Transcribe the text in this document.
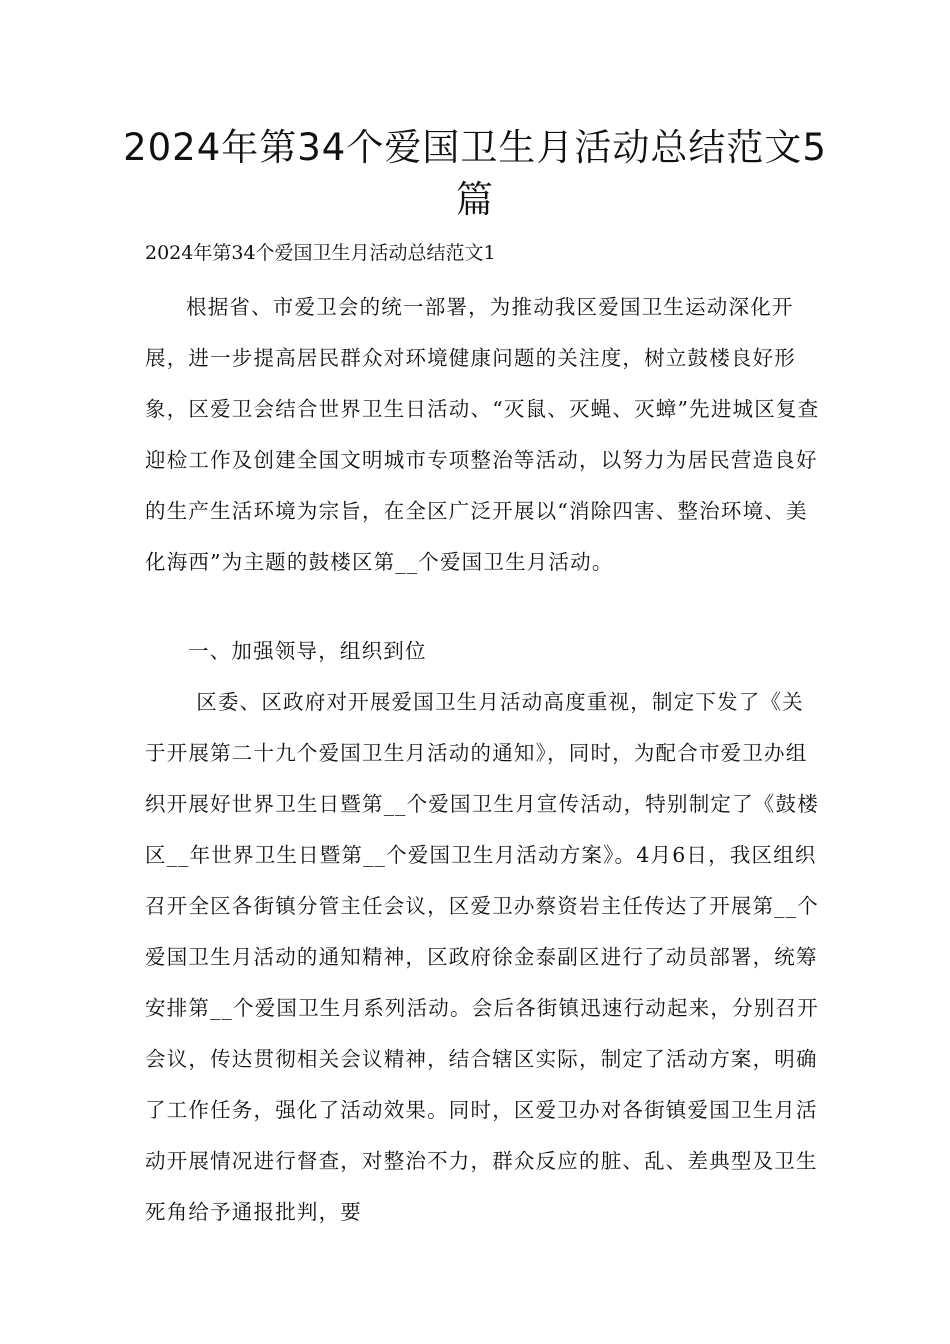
2024年第34个爱国卫生月活动总结范文5篇

2024年第34个爱国卫生月活动总结范文1

根据省、市爱卫会的统一部署，为推动我区爱国卫生运动深化开展，进一步提高居民群众对环境健康问题的关注度，树立鼓楼良好形象，区爱卫会结合世界卫生日活动、“灭鼠、灭蝇、灭蟑”先进城区复查迎检工作及创建全国文明城市专项整治等活动，以努力为居民营造良好的生产生活环境为宗旨，在全区广泛开展以“消除四害、整治环境、美化海西”为主题的鼓楼区第__个爱国卫生月活动。

一、加强领导，组织到位

区委、区政府对开展爱国卫生月活动高度重视，制定下发了《关于开展第二十九个爱国卫生月活动的通知》，同时，为配合市爱卫办组织开展好世界卫生日暨第__个爱国卫生月宣传活动，特别制定了《鼓楼区__年世界卫生日暨第__个爱国卫生月活动方案》。4月6日，我区组织召开全区各街镇分管主任会议，区爱卫办蔡资岩主任传达了开展第__个爱国卫生月活动的通知精神，区政府徐金泰副区进行了动员部署，统筹安排第__个爱国卫生月系列活动。会后各街镇迅速行动起来，分别召开会议，传达贯彻相关会议精神，结合辖区实际，制定了活动方案，明确了工作任务，强化了活动效果。同时，区爱卫办对各街镇爱国卫生月活动开展情况进行督查，对整治不力，群众反应的脏、乱、差典型及卫生死角给予通报批判，要
